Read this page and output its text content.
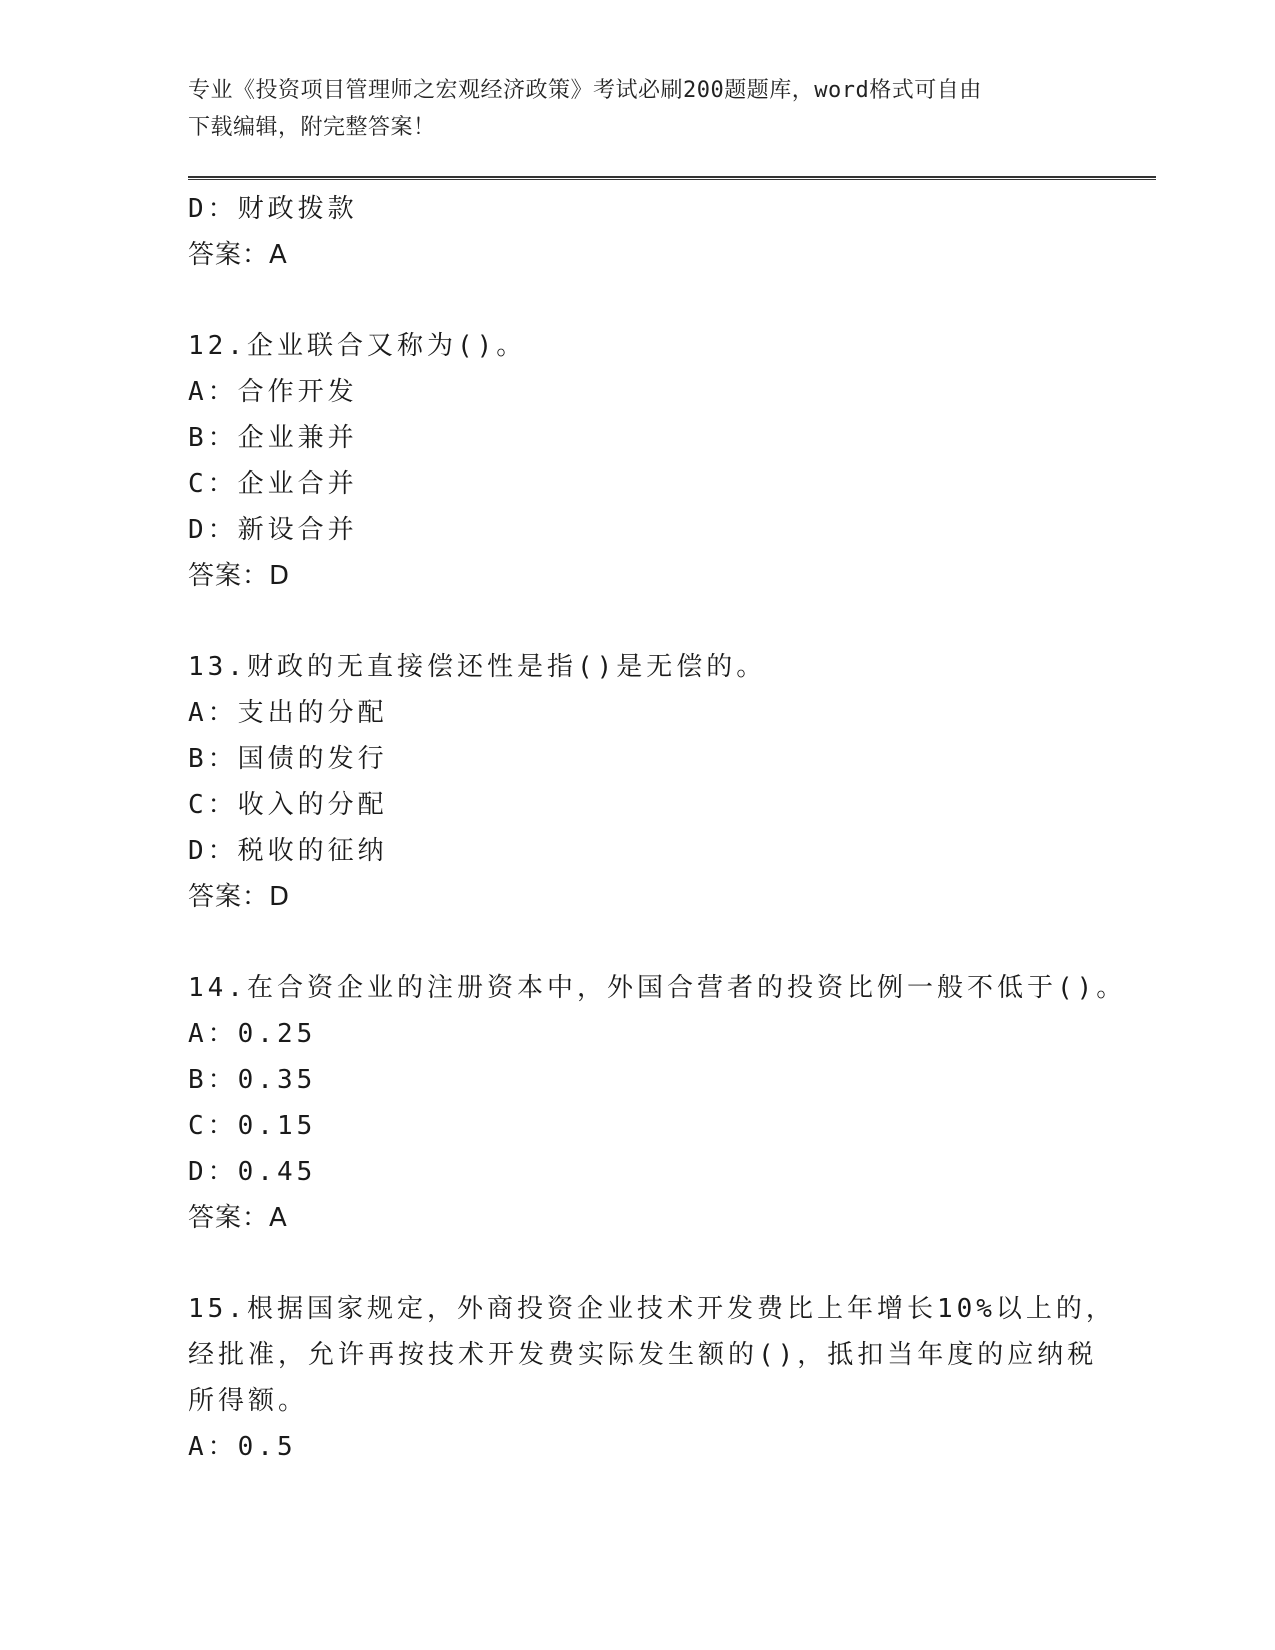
专业《投资项目管理师之宏观经济政策》考试必刷200题题库，word格式可自由
下载编辑，附完整答案！
D：财政拨款
答案：A
12.企业联合又称为()。
A：合作开发
B：企业兼并
C：企业合并
D：新设合并
答案：D
13.财政的无直接偿还性是指()是无偿的。
A：支出的分配
B：国债的发行
C：收入的分配
D：税收的征纳
答案：D
14.在合资企业的注册资本中，外国合营者的投资比例一般不低于()。
A：0.25
B：0.35
C：0.15
D：0.45
答案：A
15.根据国家规定，外商投资企业技术开发费比上年增长10%以上的，
经批准，允许再按技术开发费实际发生额的()，抵扣当年度的应纳税
所得额。
A：0.5
